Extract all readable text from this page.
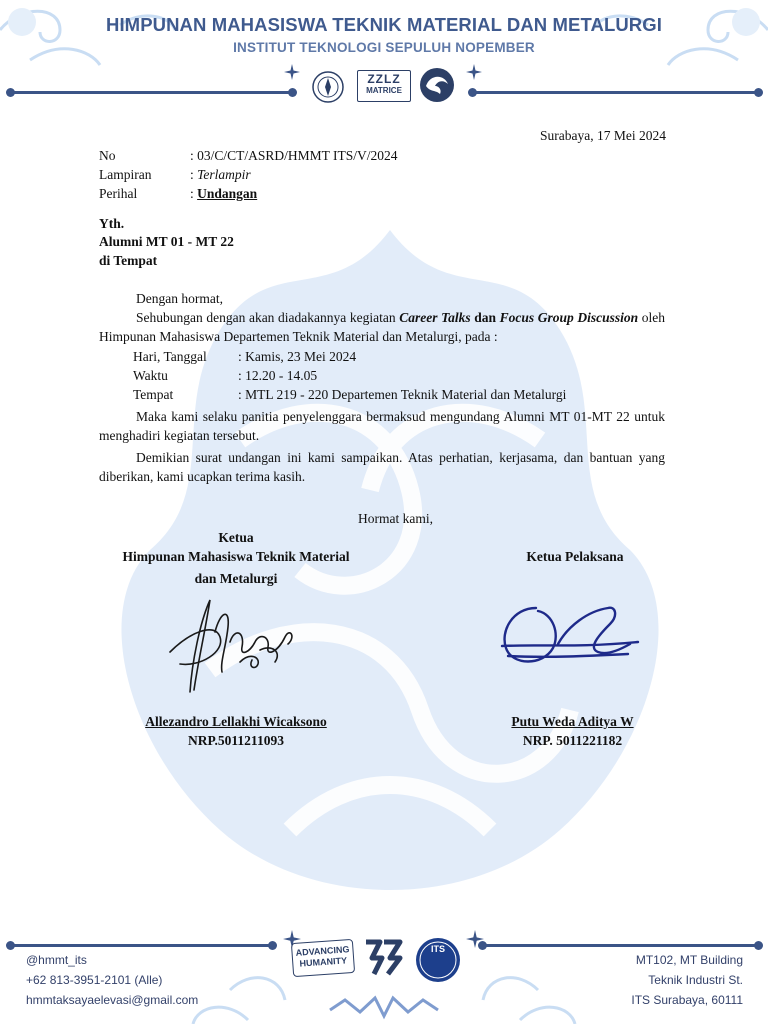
HIMPUNAN MAHASISWA TEKNIK MATERIAL DAN METALURGI
INSTITUT TEKNOLOGI SEPULUH NOPEMBER
ZZLZ
MATRICE
Surabaya, 17 Mei 2024
No	: 03/C/CT/ASRD/HMMT ITS/V/2024
Lampiran	: Terlampir
Perihal	: Undangan
Yth.
Alumni MT 01 - MT 22
di Tempat
Dengan hormat,
Sehubungan dengan akan diadakannya kegiatan Career Talks dan Focus Group Discussion oleh Himpunan Mahasiswa Departemen Teknik Material dan Metalurgi, pada :
Hari, Tanggal : Kamis, 23 Mei 2024
Waktu	: 12.20 - 14.05
Tempat	: MTL 219 - 220 Departemen Teknik Material dan Metalurgi
Maka kami selaku panitia penyelenggara bermaksud mengundang Alumni MT 01-MT 22 untuk menghadiri kegiatan tersebut.
Demikian surat undangan ini kami sampaikan. Atas perhatian, kerjasama, dan bantuan yang diberikan, kami ucapkan terima kasih.
Hormat kami,
Ketua
Himpunan Mahasiswa Teknik Material
dan Metalurgi
Allezandro Lellakhi Wicaksono
NRP.5011211093
Ketua Pelaksana
Putu Weda Aditya W
NRP. 5011221182
ADVANCING HUMANITY
ITS
@hmmt_its
+62 813-3951-2101 (Alle)
hmmtaksayaelevasi@gmail.com
MT102, MT Building
Teknik Industri St.
ITS Surabaya, 60111
